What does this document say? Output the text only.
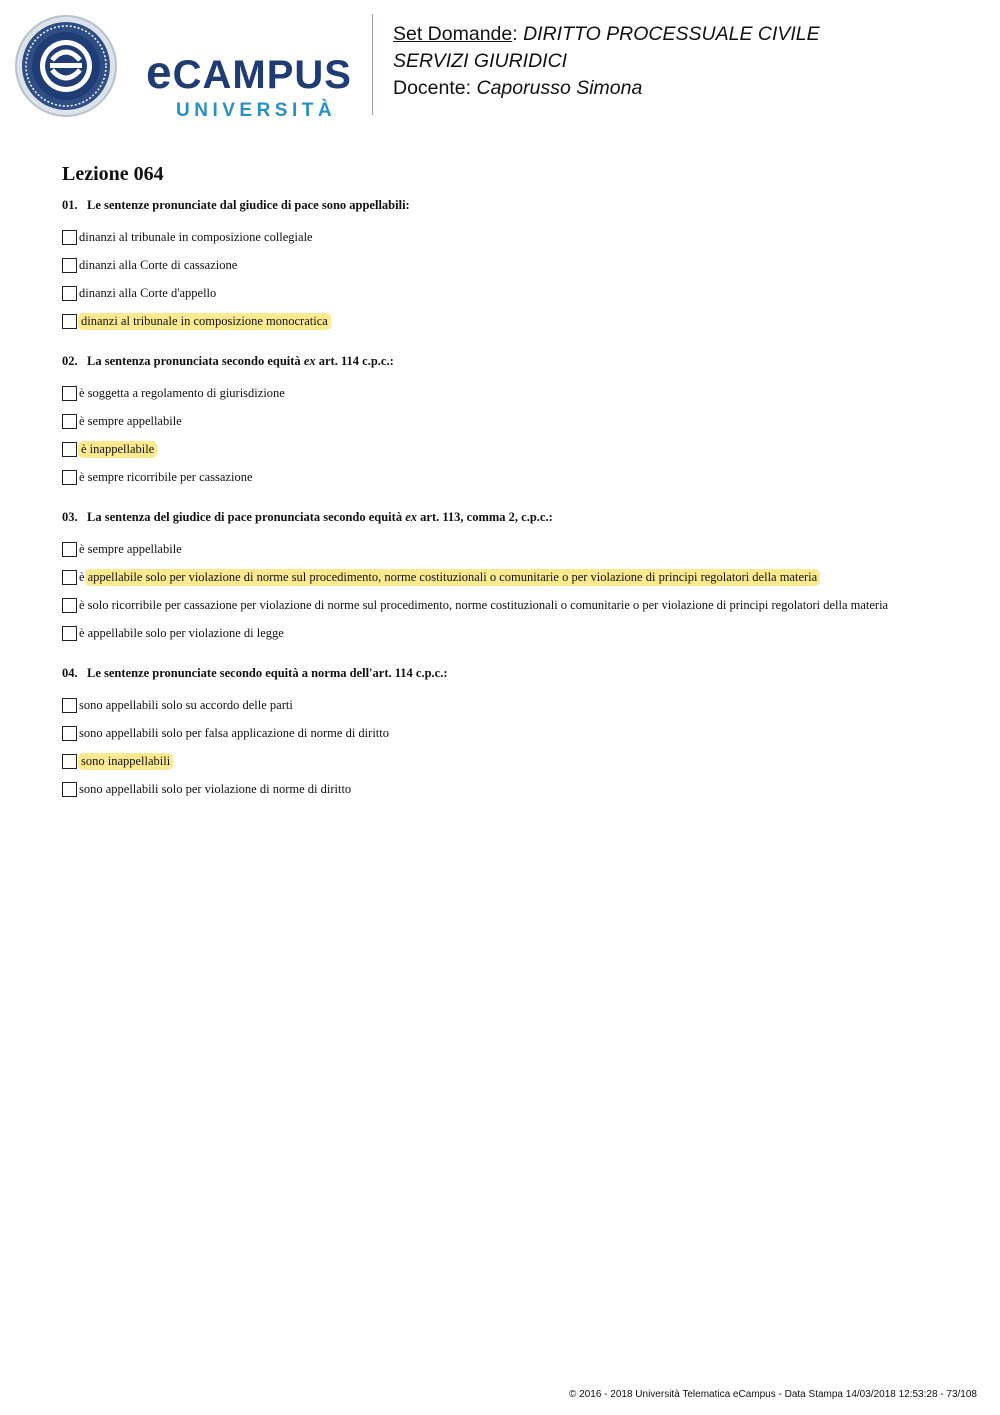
eCAMPUS
UNIVERSITÀ
Set Domande: DIRITTO PROCESSUALE CIVILE
SERVIZI GIURIDICI
Docente: Caporusso Simona
Lezione 064
01. Le sentenze pronunciate dal giudice di pace sono appellabili:
dinanzi al tribunale in composizione collegiale
dinanzi alla Corte di cassazione
dinanzi alla Corte d'appello
dinanzi al tribunale in composizione monocratica
02. La sentenza pronunciata secondo equità ex art. 114 c.p.c.:
è soggetta a regolamento di giurisdizione
è sempre appellabile
è inappellabile
è sempre ricorribile per cassazione
03. La sentenza del giudice di pace pronunciata secondo equità ex art. 113, comma 2, c.p.c.:
è sempre appellabile
è appellabile solo per violazione di norme sul procedimento, norme costituzionali o comunitarie o per violazione di principi regolatori della materia
è solo ricorribile per cassazione per violazione di norme sul procedimento, norme costituzionali o comunitarie o per violazione di principi regolatori della materia
è appellabile solo per violazione di legge
04. Le sentenze pronunciate secondo equità a norma dell'art. 114 c.p.c.:
sono appellabili solo su accordo delle parti
sono appellabili solo per falsa applicazione di norme di diritto
sono inappellabili
sono appellabili solo per violazione di norme di diritto
© 2016 - 2018 Università Telematica eCampus - Data Stampa 14/03/2018 12:53:28 - 73/108
